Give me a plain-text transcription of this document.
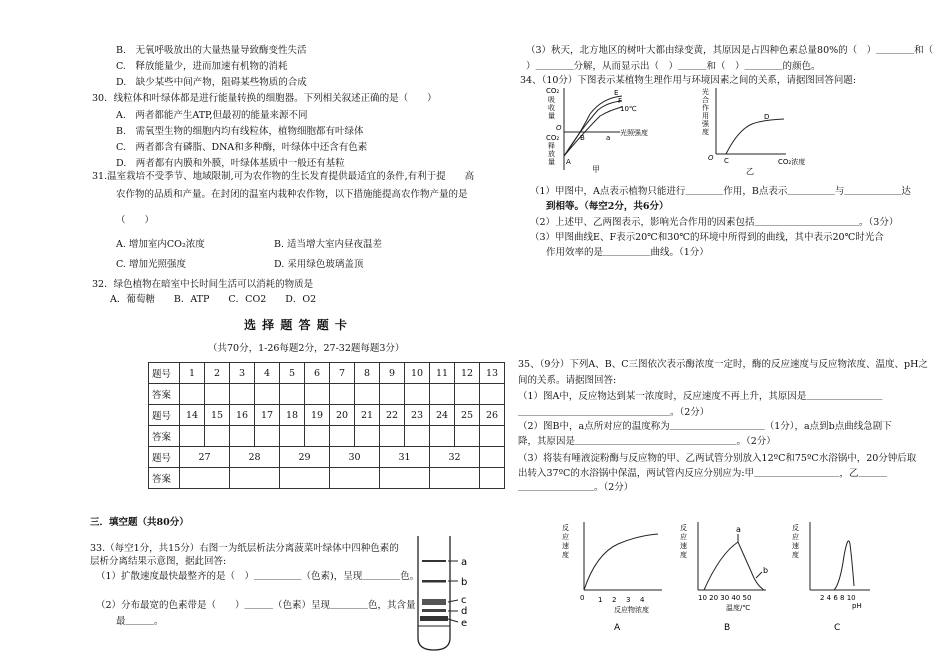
B.　无氧呼吸放出的大量热量导致酶变性失活
C.　释放能量少，进而加速有机物的消耗
D.　缺少某些中间产物，阻碍某些物质的合成
30．线粒体和叶绿体都是进行能量转换的细胞器。下列相关叙述正确的是（　　）
A.　两者都能产生ATP,但最初的能量来源不同
B.　需氧型生物的细胞内均有线粒体，植物细胞都有叶绿体
C.　两者都含有磷脂、DNA和多种酶，叶绿体中还含有色素
D.　两者都有内膜和外膜，叶绿体基质中一般还有基粒
31.温室栽培不受季节、地域限制,可为农作物的生长发育提供最适宜的条件,有利于提　　高
农作物的品质和产量。在封闭的温室内栽种农作物，以下措施能提高农作物产量的是
（　　）
A. 增加室内CO₂浓度	B. 适当增大室内昼夜温差
C. 增加光照强度	D. 采用绿色玻璃盖顶
32．绿色植物在暗室中长时间生活可以消耗的物质是
A．葡萄糖　　B．ATP　　C．CO2　　D．O2
选 择 题 答 题 卡
（共70分，1-26每题2分，27-32题每题3分）
题号	1	2	3	4	5	6	7	8	9	10	11	12	13
答案													
题号	14	15	16	17	18	19	20	21	22	23	24	25	26
答案													
题号	27		28		29		30		31		32		
答案													
三．填空题（共80分）
33.（每空1分，共15分）右图一为纸层析法分离菠菜叶绿体中四种色素的
层析分离结果示意图，据此回答:
（1）扩散速度最快最整齐的是（　）＿＿＿＿＿（色素)，呈现＿＿＿＿色。
（2）分布最宽的色素带是（　　）＿＿＿（色素）呈现＿＿＿＿色，其含量
最＿＿＿。
a
b
c
d
e
（3）秋天，北方地区的树叶大都由绿变黄，其原因是占四种色素总量80%的（　）＿＿＿＿和（
）＿＿＿＿分解，从而显示出（　）＿＿＿和（　）＿＿＿＿的颜色。
34、（10分）下图表示某植物生理作用与环境因素之间的关系，请据图回答问题:
CO₂
吸
收
量
CO₂
释
放
量
O
光照强度
A
B	a
E
F
10℃
甲
光
合
作
用
强
度
O	CO₂浓度
C
D
乙
（1）甲图中，A点表示植物只能进行＿＿＿＿作用，B点表示＿＿＿＿＿与＿＿＿＿＿＿达
到相等。（每空2分，共6分）
（2）上述甲、乙两图表示，影响光合作用的因素包括＿＿＿＿＿＿＿＿＿＿＿。（3分）
（3）甲图曲线E、F表示20℃和30℃的环境中所得到的曲线，其中表示20℃时光合
作用效率的是＿＿＿＿＿曲线。（1分）
35、（9分）下列A、B、C三图依次表示酶浓度一定时，酶的反应速度与反应物浓度、温度、pH之
间的关系。请据图回答:
（1）图A中，反应物达到某一浓度时，反应速度不再上升，其原因是＿＿＿＿＿＿＿＿
＿＿＿＿＿＿＿＿＿＿＿＿＿＿＿＿。（2分）
（2）图B中，a点所对应的温度称为＿＿＿＿＿＿＿＿＿＿（1分），a点到b点曲线急剧下
降，其原因是＿＿＿＿＿＿＿＿＿＿＿＿＿＿＿＿＿。（2分）
（3）将装有唾液淀粉酶与反应物的甲、乙两试管分别放入12ºC和75ºC水浴锅中，20分钟后取
出转入37ºC的水浴锅中保温，两试管内反应分别应为:甲＿＿＿＿＿＿＿＿＿，乙＿＿＿
＿＿＿＿＿＿＿＿。（2分）
反
应
速
度
0 1 2 3 4
反应物浓度
A
反
应
速
度
10 20 30 40 50
温度/℃
a
b
B
反
应
速
度
2 4 6 8 10
pH
C
